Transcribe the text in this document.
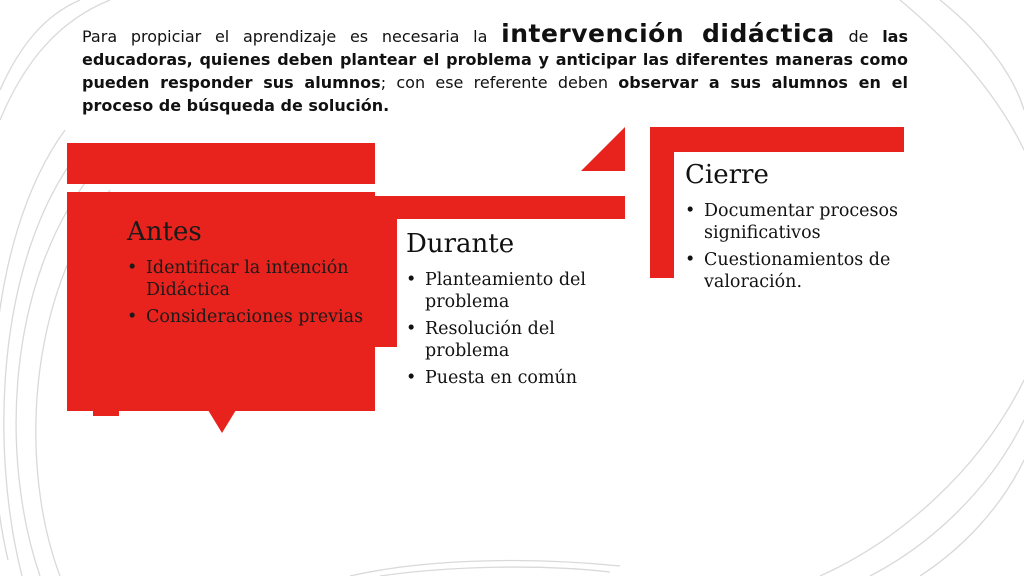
Para propiciar el aprendizaje es necesaria la intervención didáctica de las educadoras, quienes deben plantear el problema y anticipar las diferentes maneras como pueden responder sus alumnos; con ese referente deben observar a sus alumnos en el proceso de búsqueda de solución.
Antes
• Identificar la intención Didáctica
• Consideraciones previas
Durante
• Planteamiento del problema
• Resolución del problema
• Puesta en común
Cierre
• Documentar procesos significativos
• Cuestionamientos de valoración.
